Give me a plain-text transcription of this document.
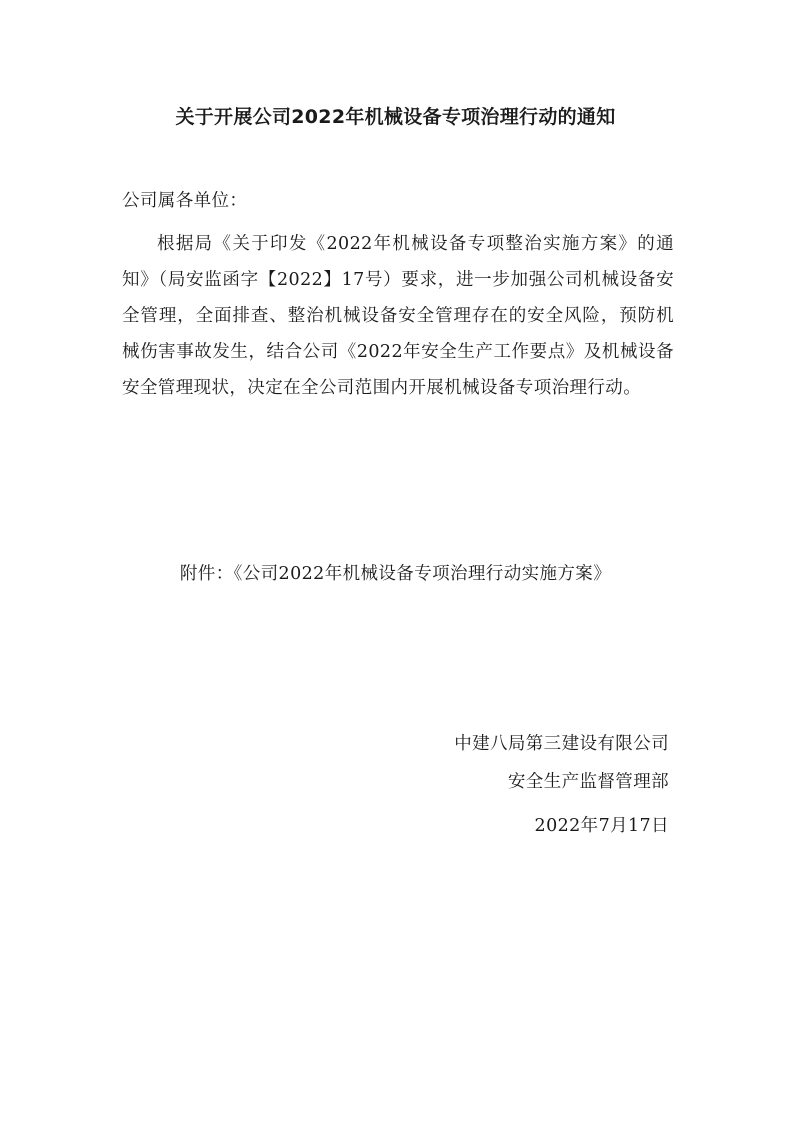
关于开展公司2022年机械设备专项治理行动的通知
公司属各单位：

根据局《关于印发《2022年机械设备专项整治实施方案》的通知》（局安监函字【2022】17号）要求，进一步加强公司机械设备安全管理，全面排查、整治机械设备安全管理存在的安全风险，预防机械伤害事故发生，结合公司《2022年安全生产工作要点》及机械设备安全管理现状，决定在全公司范围内开展机械设备专项治理行动。

附件：《公司2022年机械设备专项治理行动实施方案》
中建八局第三建设有限公司
安全生产监督管理部
2022年7月17日
